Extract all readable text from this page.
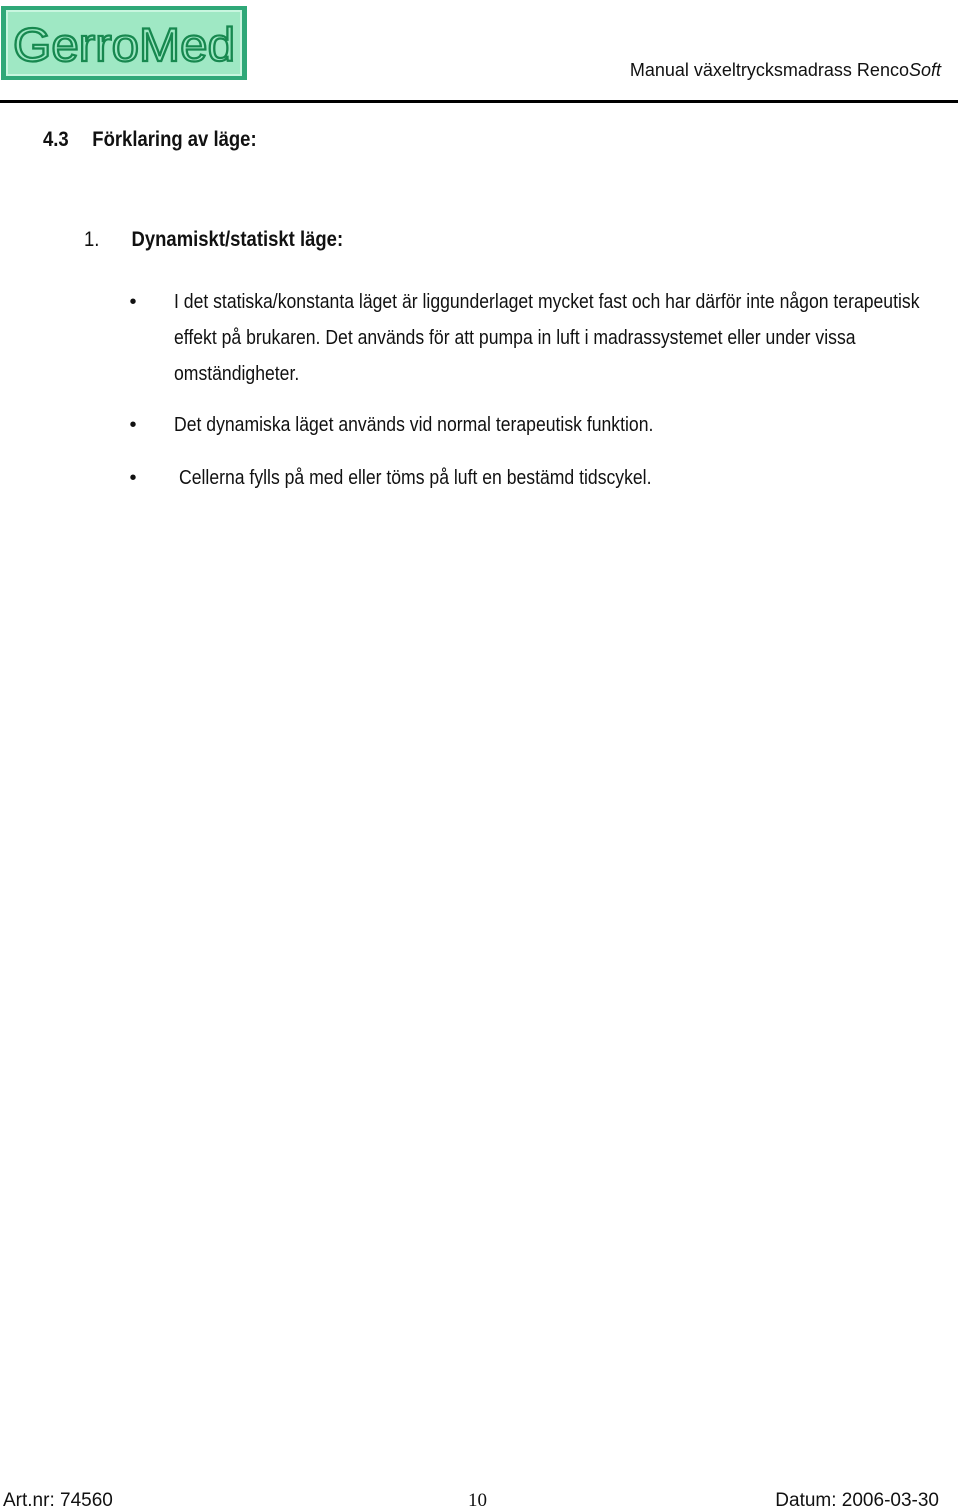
GerroMed	Manual växeltrycksmadrass RencoSoft
4.3 Förklaring av läge:
1. Dynamiskt/statiskt läge:
• I det statiska/konstanta läget är liggunderlaget mycket fast och har därför inte någon terapeutisk effekt på brukaren. Det används för att pumpa in luft i madrassystemet eller under vissa omständigheter.
• Det dynamiska läget används vid normal terapeutisk funktion.
• Cellerna fylls på med eller töms på luft en bestämd tidscykel.
Art.nr: 74560	10	Datum: 2006-03-30
